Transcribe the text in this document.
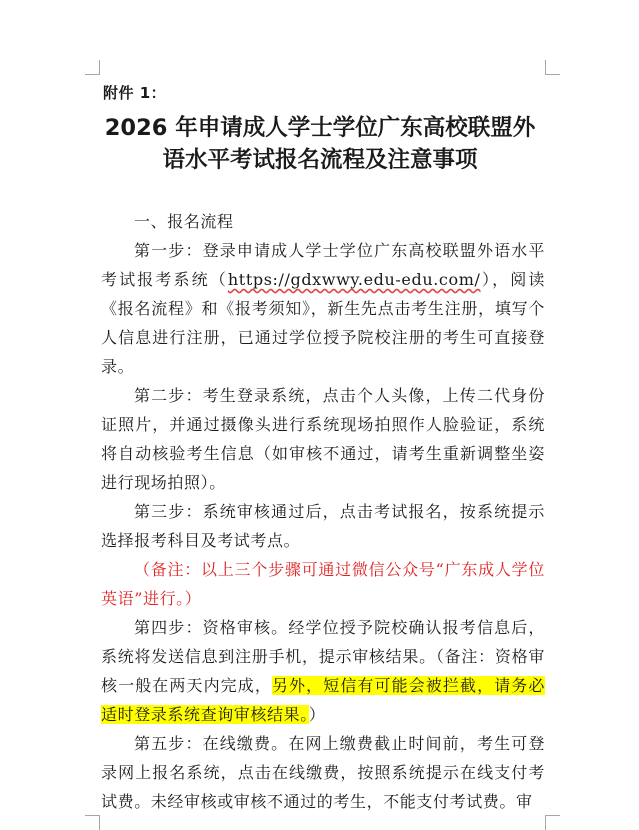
附件 1：
2026 年申请成人学士学位广东高校联盟外
语水平考试报名流程及注意事项

一、报名流程

第一步：登录申请成人学士学位广东高校联盟外语水平考试报考系统（https://gdxwwy.edu-edu.com/），阅读《报名流程》和《报考须知》，新生先点击考生注册，填写个人信息进行注册，已通过学位授予院校注册的考生可直接登录。

第二步：考生登录系统，点击个人头像，上传二代身份证照片，并通过摄像头进行系统现场拍照作人脸验证，系统将自动核验考生信息（如审核不通过，请考生重新调整坐姿进行现场拍照）。

第三步：系统审核通过后，点击考试报名，按系统提示选择报考科目及考试考点。

（备注：以上三个步骤可通过微信公众号“广东成人学位英语”进行。）

第四步：资格审核。经学位授予院校确认报考信息后，系统将发送信息到注册手机，提示审核结果。（备注：资格审核一般在两天内完成，另外，短信有可能会被拦截，请务必适时登录系统查询审核结果。）

第五步：在线缴费。在网上缴费截止时间前，考生可登录网上报名系统，点击在线缴费，按照系统提示在线支付考试费。未经审核或审核不通过的考生，不能支付考试费。审
